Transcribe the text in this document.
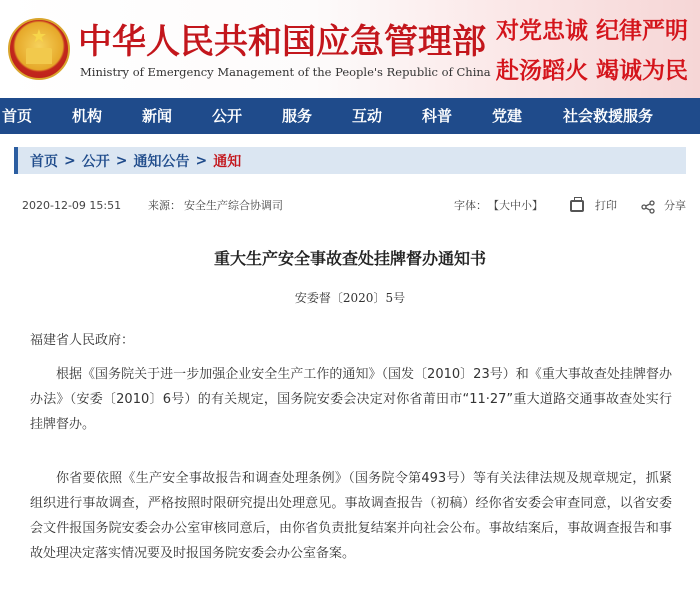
★ 中华人民共和国应急管理部
Ministry of Emergency Management of the People's Republic of China
对党忠诚 纪律严明
赴汤蹈火 竭诚为民
首页	机构	新闻	公开	服务	互动	科普	党建	社会救援服务
首页 > 公开 > 通知公告 > 通知
2020-12-09 15:51 来源： 安全生产综合协调司	字体： 【大中小】	打印	分享
重大生产安全事故查处挂牌督办通知书
安委督〔2020〕5号
福建省人民政府：

根据《国务院关于进一步加强企业安全生产工作的通知》（国发〔2010〕23号）和《重大事故查处挂牌督办办法》（安委〔2010〕6号）的有关规定，国务院安委会决定对你省莆田市“11·27”重大道路交通事故查处实行挂牌督办。

你省要依照《生产安全事故报告和调查处理条例》（国务院令第493号）等有关法律法规及规章规定，抓紧组织进行事故调查，严格按照时限研究提出处理意见。事故调查报告（初稿）经你省安委会审查同意，以省安委会文件报国务院安委会办公室审核同意后，由你省负责批复结案并向社会公布。事故结案后，事故调查报告和事故处理决定落实情况要及时报国务院安委会办公室备案。
